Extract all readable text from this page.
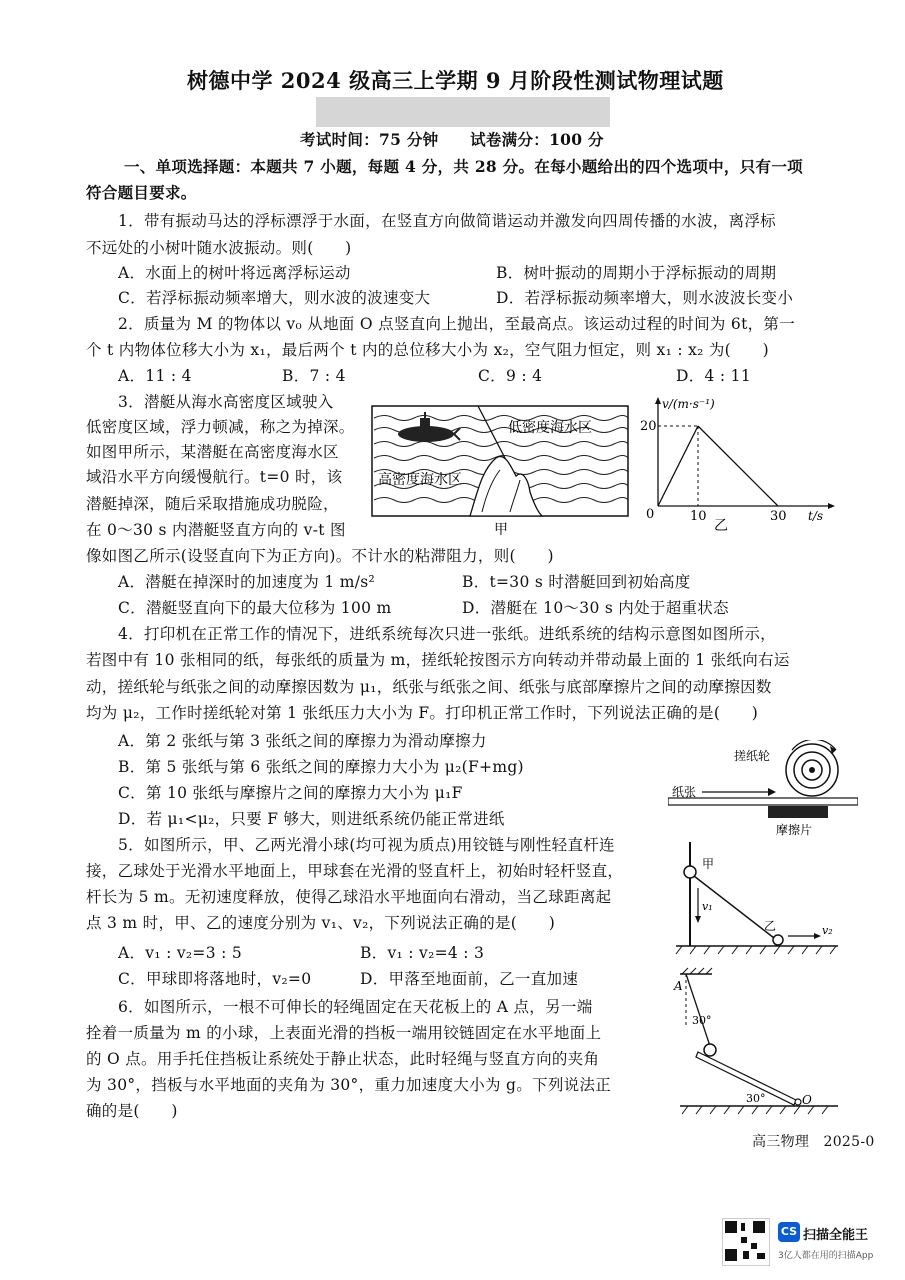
树德中学 2024 级高三上学期 9 月阶段性测试物理试题
考试时间：75 分钟　　试卷满分：100 分
一、单项选择题：本题共 7 小题，每题 4 分，共 28 分。在每小题给出的四个选项中，只有一项
符合题目要求。
1．带有振动马达的浮标漂浮于水面，在竖直方向做简谐运动并激发向四周传播的水波，离浮标
不远处的小树叶随水波振动。则(　　)
A．水面上的树叶将远离浮标运动	B．树叶振动的周期小于浮标振动的周期
C．若浮标振动频率增大，则水波的波速变大	D．若浮标振动频率增大，则水波波长变小
2．质量为 M 的物体以 v₀ 从地面 O 点竖直向上抛出，至最高点。该运动过程的时间为 6t，第一
个 t 内物体位移大小为 x₁，最后两个 t 内的总位移大小为 x₂，空气阻力恒定，则 x₁ : x₂ 为(　　)
A．11 : 4	B．7 : 4	C．9 : 4	D．4 : 11
3．潜艇从海水高密度区域驶入
低密度区域，浮力顿减，称之为掉深。
如图甲所示，某潜艇在高密度海水区
域沿水平方向缓慢航行。t=0 时，该
潜艇掉深，随后采取措施成功脱险，
在 0～30 s 内潜艇竖直方向的 v-t 图
像如图乙所示(设竖直向下为正方向)。不计水的粘滞阻力，则(　　)
A．潜艇在掉深时的加速度为 1 m/s²	B．t=30 s 时潜艇回到初始高度
C．潜艇竖直向下的最大位移为 100 m	D．潜艇在 10～30 s 内处于超重状态
低密度海水区
高密度海水区
甲
v/(m·s⁻¹)
20
0	10	30 t/s
乙
4．打印机在正常工作的情况下，进纸系统每次只进一张纸。进纸系统的结构示意图如图所示，
若图中有 10 张相同的纸，每张纸的质量为 m，搓纸轮按图示方向转动并带动最上面的 1 张纸向右运
动，搓纸轮与纸张之间的动摩擦因数为 μ₁，纸张与纸张之间、纸张与底部摩擦片之间的动摩擦因数
均为 μ₂，工作时搓纸轮对第 1 张纸压力大小为 F。打印机正常工作时，下列说法正确的是(　　)
A．第 2 张纸与第 3 张纸之间的摩擦力为滑动摩擦力
B．第 5 张纸与第 6 张纸之间的摩擦力大小为 μ₂(F+mg)
C．第 10 张纸与摩擦片之间的摩擦力大小为 μ₁F
D．若 μ₁<μ₂，只要 F 够大，则进纸系统仍能正常进纸
搓纸轮
纸张
摩擦片
5．如图所示，甲、乙两光滑小球(均可视为质点)用铰链与刚性轻直杆连
接，乙球处于光滑水平地面上，甲球套在光滑的竖直杆上，初始时轻杆竖直，
杆长为 5 m。无初速度释放，使得乙球沿水平地面向右滑动，当乙球距离起
点 3 m 时，甲、乙的速度分别为 v₁、v₂，下列说法正确的是(　　)
A．v₁ : v₂=3 : 5	B．v₁ : v₂=4 : 3
C．甲球即将落地时，v₂=0	D．甲落至地面前，乙一直加速
甲
乙
v₁
v₂
6．如图所示，一根不可伸长的轻绳固定在天花板上的 A 点，另一端
拴着一质量为 m 的小球，上表面光滑的挡板一端用铰链固定在水平地面上
的 O 点。用手托住挡板让系统处于静止状态，此时轻绳与竖直方向的夹角
为 30°，挡板与水平地面的夹角为 30°，重力加速度大小为 g。下列说法正
确的是(　　)
A
30°
30°	O
高三物理　2025-0
CS 扫描全能王
3亿人都在用的扫描App
